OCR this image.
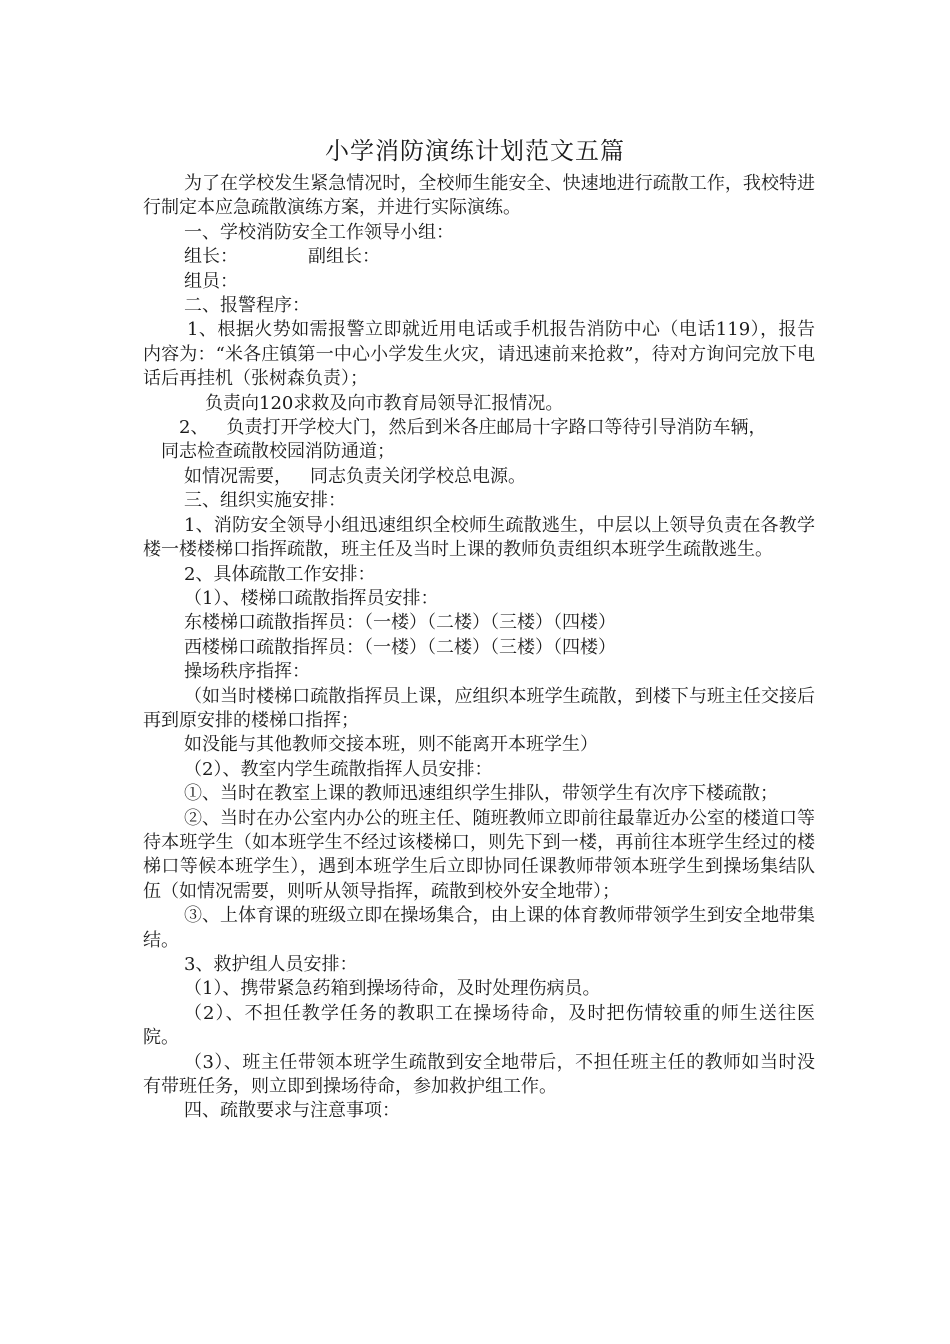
小学消防演练计划范文五篇

为了在学校发生紧急情况时，全校师生能安全、快速地进行疏散工作，我校特进行制定本应急疏散演练方案，并进行实际演练。

一、学校消防安全工作领导小组：

组长：	副组长：

组员：

二、报警程序：

1、根据火势如需报警立即就近用电话或手机报告消防中心（电话119），报告内容为：“米各庄镇第一中心小学发生火灾，请迅速前来抢救”，待对方询问完放下电话后再挂机（张树森负责）；

负责向120求救及向市教育局领导汇报情况。

2、 负责打开学校大门，然后到米各庄邮局十字路口等待引导消防车辆，

同志检查疏散校园消防通道；

如情况需要， 同志负责关闭学校总电源。

三、组织实施安排：

1、消防安全领导小组迅速组织全校师生疏散逃生，中层以上领导负责在各教学楼一楼楼梯口指挥疏散，班主任及当时上课的教师负责组织本班学生疏散逃生。

2、具体疏散工作安排：

（1）、楼梯口疏散指挥员安排：

东楼梯口疏散指挥员：（一楼）（二楼）（三楼）（四楼）

西楼梯口疏散指挥员：（一楼）（二楼）（三楼）（四楼）

操场秩序指挥：

（如当时楼梯口疏散指挥员上课，应组织本班学生疏散，到楼下与班主任交接后再到原安排的楼梯口指挥；

如没能与其他教师交接本班，则不能离开本班学生）

（2）、教室内学生疏散指挥人员安排：

①、当时在教室上课的教师迅速组织学生排队，带领学生有次序下楼疏散；

②、当时在办公室内办公的班主任、随班教师立即前往最靠近办公室的楼道口等待本班学生（如本班学生不经过该楼梯口，则先下到一楼，再前往本班学生经过的楼梯口等候本班学生），遇到本班学生后立即协同任课教师带领本班学生到操场集结队伍（如情况需要，则听从领导指挥，疏散到校外安全地带）；

③、上体育课的班级立即在操场集合，由上课的体育教师带领学生到安全地带集结。

3、救护组人员安排：

（1）、携带紧急药箱到操场待命，及时处理伤病员。

（2）、不担任教学任务的教职工在操场待命，及时把伤情较重的师生送往医院。

（3）、班主任带领本班学生疏散到安全地带后，不担任班主任的教师如当时没有带班任务，则立即到操场待命，参加救护组工作。

四、疏散要求与注意事项：
